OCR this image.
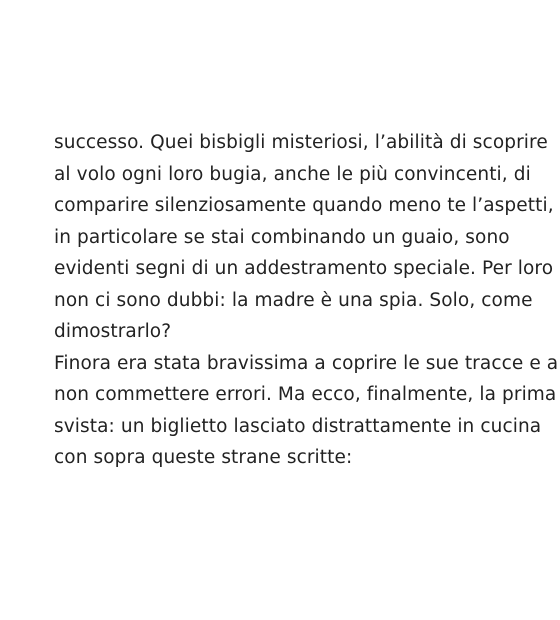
successo. Quei bisbigli misteriosi, l’abilità di scoprire
al volo ogni loro bugia, anche le più convincenti, di
comparire silenziosamente quando meno te l’aspetti,
in particolare se stai combinando un guaio, sono
evidenti segni di un addestramento speciale. Per loro
non ci sono dubbi: la madre è una spia. Solo, come
dimostrarlo?
Finora era stata bravissima a coprire le sue tracce e a
non commettere errori. Ma ecco, finalmente, la prima
svista: un biglietto lasciato distrattamente in cucina
con sopra queste strane scritte:
